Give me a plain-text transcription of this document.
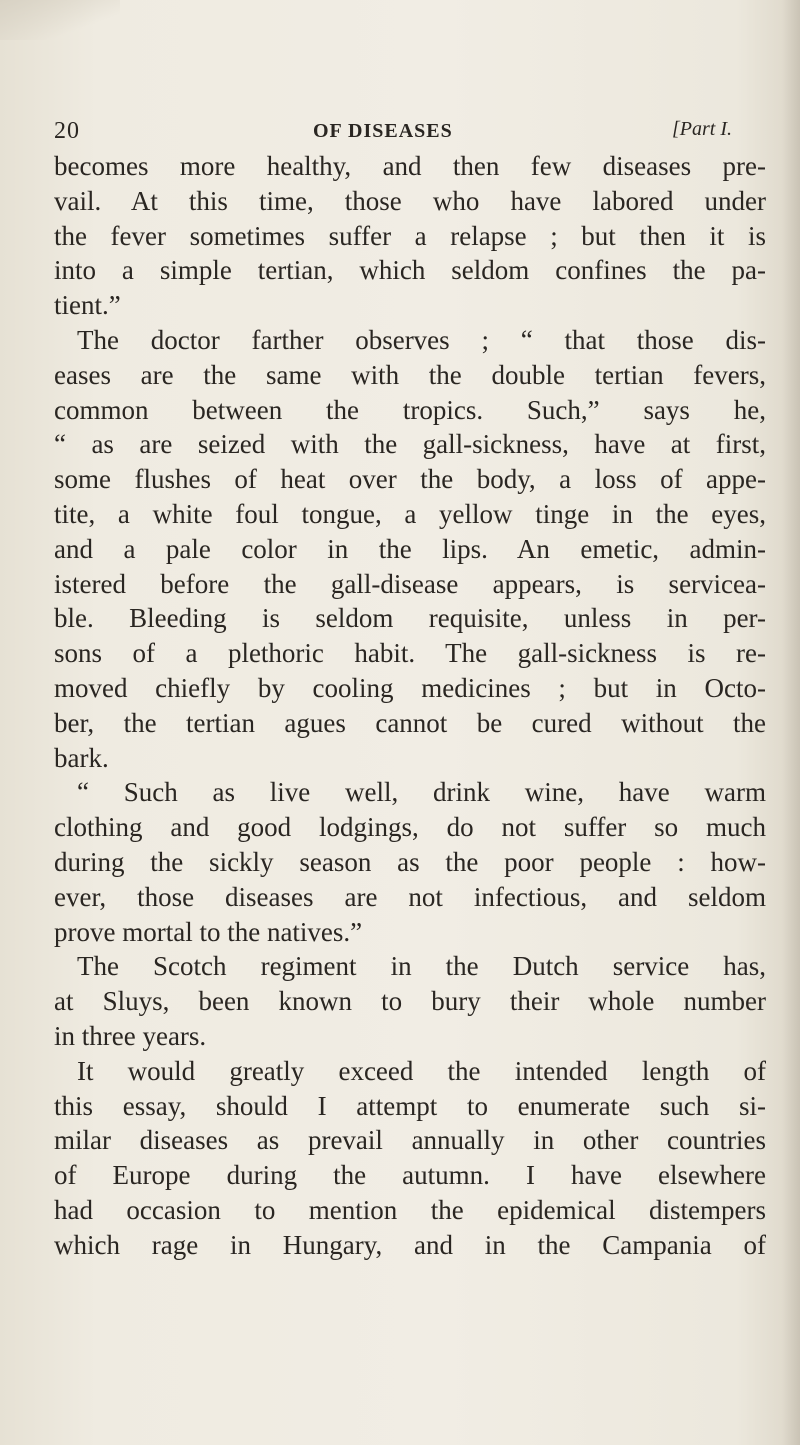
20	OF DISEASES	[Part I.
becomes more healthy, and then few diseases pre-
vail. At this time, those who have labored under
the fever sometimes suffer a relapse ; but then it is
into a simple tertian, which seldom confines the pa-
tient.”
The doctor farther observes ; “ that those dis-
eases are the same with the double tertian fevers,
common between the tropics. Such,” says he,
“ as are seized with the gall-sickness, have at first,
some flushes of heat over the body, a loss of appe-
tite, a white foul tongue, a yellow tinge in the eyes,
and a pale color in the lips. An emetic, admin-
istered before the gall-disease appears, is servicea-
ble. Bleeding is seldom requisite, unless in per-
sons of a plethoric habit. The gall-sickness is re-
moved chiefly by cooling medicines ; but in Octo-
ber, the tertian agues cannot be cured without the
bark.
“ Such as live well, drink wine, have warm
clothing and good lodgings, do not suffer so much
during the sickly season as the poor people : how-
ever, those diseases are not infectious, and seldom
prove mortal to the natives.”
The Scotch regiment in the Dutch service has,
at Sluys, been known to bury their whole number
in three years.
It would greatly exceed the intended length of
this essay, should I attempt to enumerate such si-
milar diseases as prevail annually in other countries
of Europe during the autumn. I have elsewhere
had occasion to mention the epidemical distempers
which rage in Hungary, and in the Campania of
